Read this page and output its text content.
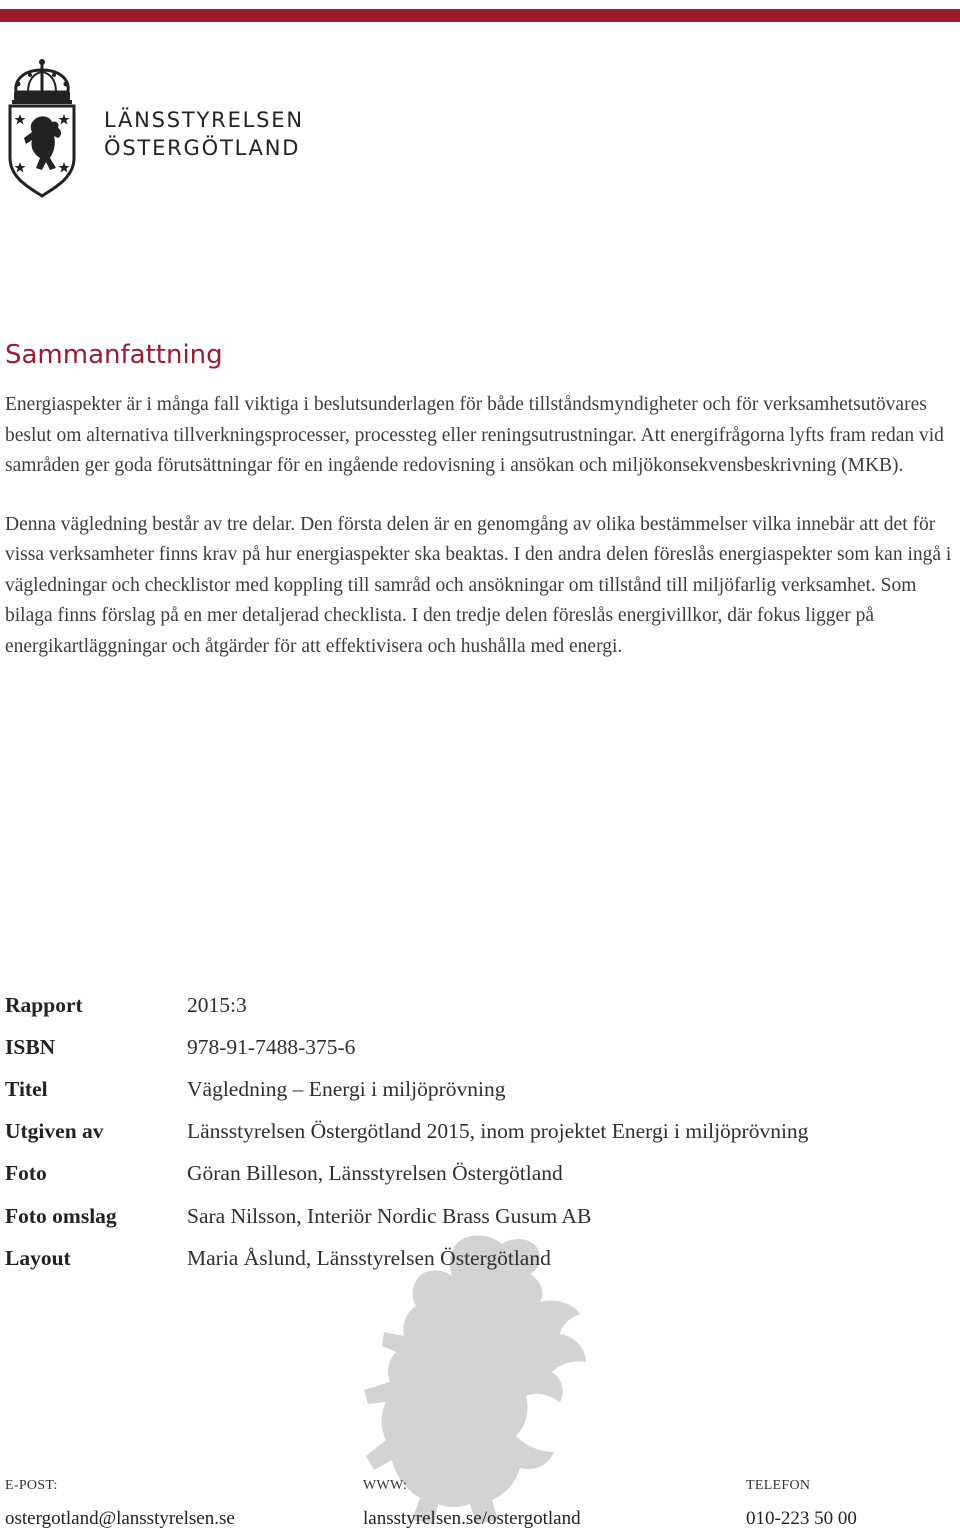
LÄNSSTYRELSEN
ÖSTERGÖTLAND
Sammanfattning

Energiaspekter är i många fall viktiga i beslutsunderlagen för både tillståndsmyndigheter och för verksamhetsutövares beslut om alternativa tillverkningsprocesser, processteg eller reningsutrustningar. Att energifrågorna lyfts fram redan vid samråden ger goda förutsättningar för en ingående redovisning i ansökan och miljökonsekvensbeskrivning (MKB).

Denna vägledning består av tre delar. Den första delen är en genomgång av olika bestämmelser vilka innebär att det för vissa verksamheter finns krav på hur energiaspekter ska beaktas. I den andra delen föreslås energiaspekter som kan ingå i vägledningar och checklistor med koppling till samråd och ansökningar om tillstånd till miljöfarlig verksamhet. Som bilaga finns förslag på en mer detaljerad checklista. I den tredje delen föreslås energivillkor, där fokus ligger på energikartläggningar och åtgärder för att effektivisera och hushålla med energi.

Rapport	2015:3
ISBN	978-91-7488-375-6
Titel	Vägledning – Energi i miljöprövning
Utgiven av	Länsstyrelsen Östergötland 2015, inom projektet Energi i miljöprövning
Foto	Göran Billeson, Länsstyrelsen Östergötland
Foto omslag	Sara Nilsson, Interiör Nordic Brass Gusum AB
Layout	Maria Åslund, Länsstyrelsen Östergötland
E-POST:
ostergotland@lansstyrelsen.se
WWW:
lansstyrelsen.se/ostergotland
TELEFON
010-223 50 00
